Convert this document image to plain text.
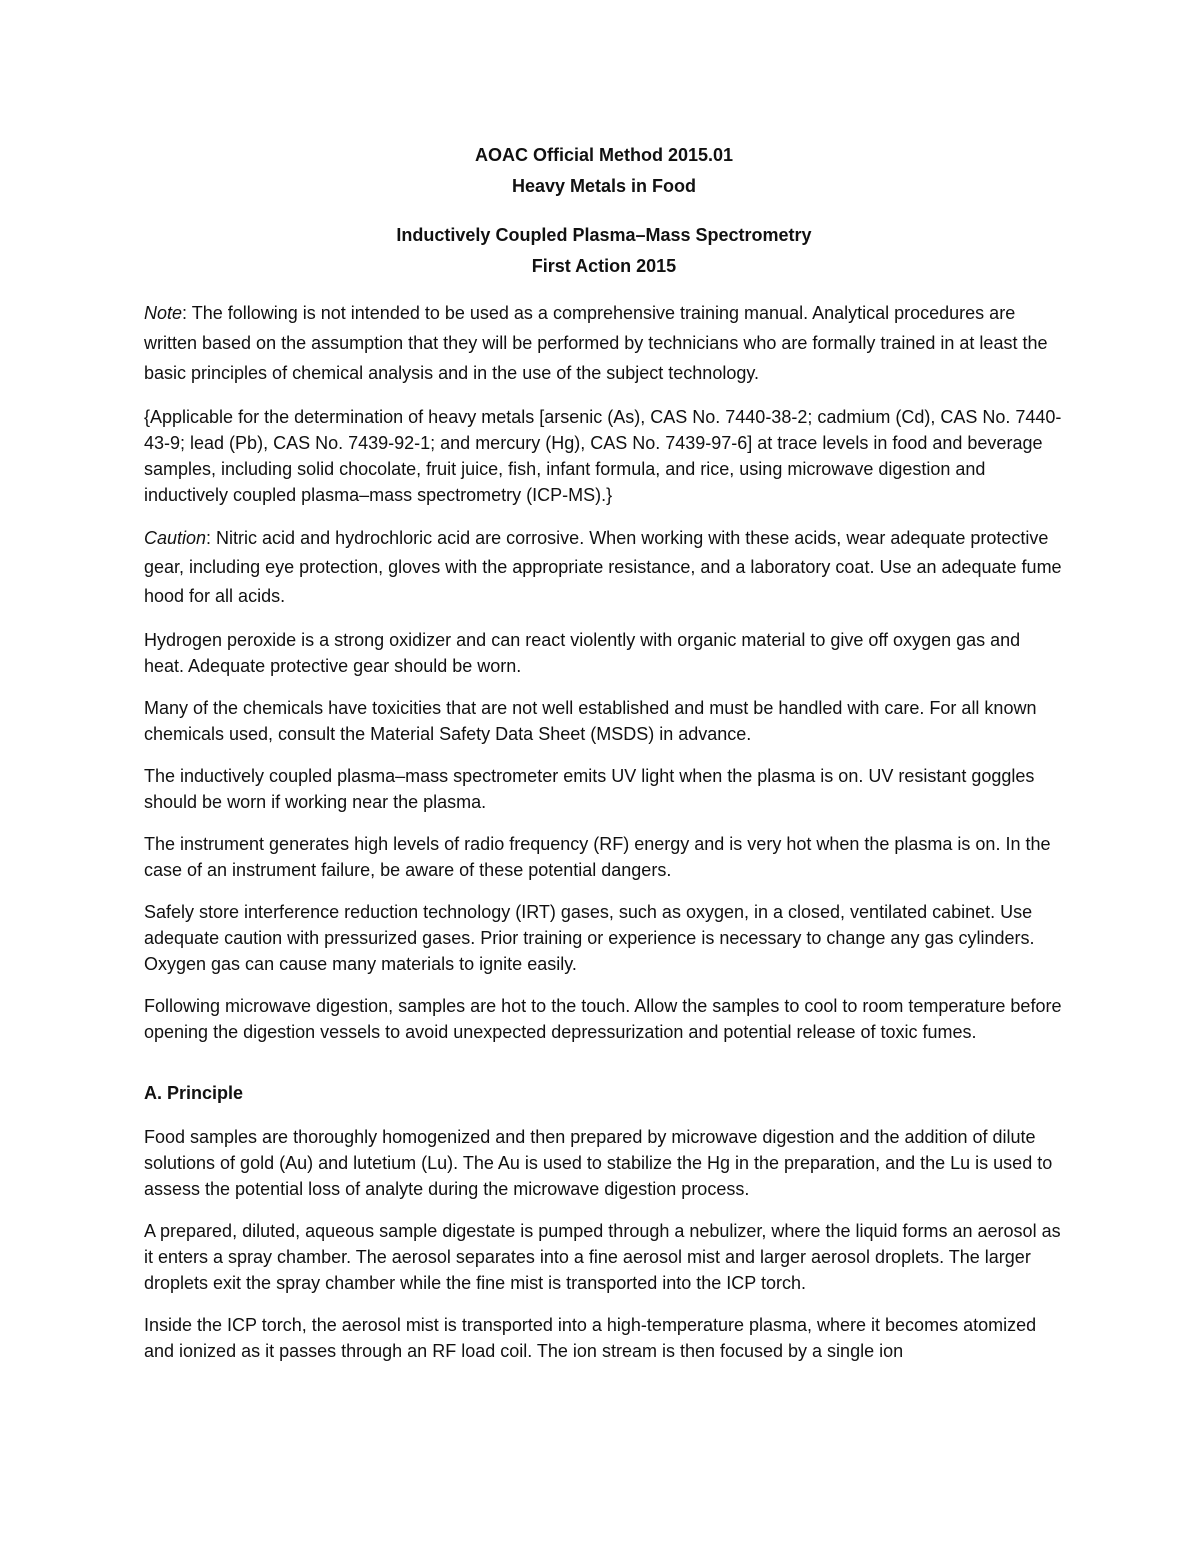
AOAC Official Method 2015.01
Heavy Metals in Food
Inductively Coupled Plasma–Mass Spectrometry
First Action 2015

Note: The following is not intended to be used as a comprehensive training manual. Analytical procedures are written based on the assumption that they will be performed by technicians who are formally trained in at least the basic principles of chemical analysis and in the use of the subject technology.

{Applicable for the determination of heavy metals [arsenic (As), CAS No. 7440-38-2; cadmium (Cd), CAS No. 7440-43-9; lead (Pb), CAS No. 7439-92-1; and mercury (Hg), CAS No. 7439-97-6] at trace levels in food and beverage samples, including solid chocolate, fruit juice, fish, infant formula, and rice, using microwave digestion and inductively coupled plasma–mass spectrometry (ICP-MS).}

Caution: Nitric acid and hydrochloric acid are corrosive. When working with these acids, wear adequate protective gear, including eye protection, gloves with the appropriate resistance, and a laboratory coat. Use an adequate fume hood for all acids.

Hydrogen peroxide is a strong oxidizer and can react violently with organic material to give off oxygen gas and heat. Adequate protective gear should be worn.

Many of the chemicals have toxicities that are not well established and must be handled with care. For all known chemicals used, consult the Material Safety Data Sheet (MSDS) in advance.

The inductively coupled plasma–mass spectrometer emits UV light when the plasma is on. UV resistant goggles should be worn if working near the plasma.

The instrument generates high levels of radio frequency (RF) energy and is very hot when the plasma is on. In the case of an instrument failure, be aware of these potential dangers.

Safely store interference reduction technology (IRT) gases, such as oxygen, in a closed, ventilated cabinet. Use adequate caution with pressurized gases. Prior training or experience is necessary to change any gas cylinders. Oxygen gas can cause many materials to ignite easily.

Following microwave digestion, samples are hot to the touch. Allow the samples to cool to room temperature before opening the digestion vessels to avoid unexpected depressurization and potential release of toxic fumes.

A. Principle

Food samples are thoroughly homogenized and then prepared by microwave digestion and the addition of dilute solutions of gold (Au) and lutetium (Lu). The Au is used to stabilize the Hg in the preparation, and the Lu is used to assess the potential loss of analyte during the microwave digestion process.

A prepared, diluted, aqueous sample digestate is pumped through a nebulizer, where the liquid forms an aerosol as it enters a spray chamber. The aerosol separates into a fine aerosol mist and larger aerosol droplets. The larger droplets exit the spray chamber while the fine mist is transported into the ICP torch.

Inside the ICP torch, the aerosol mist is transported into a high-temperature plasma, where it becomes atomized and ionized as it passes through an RF load coil. The ion stream is then focused by a single ion
